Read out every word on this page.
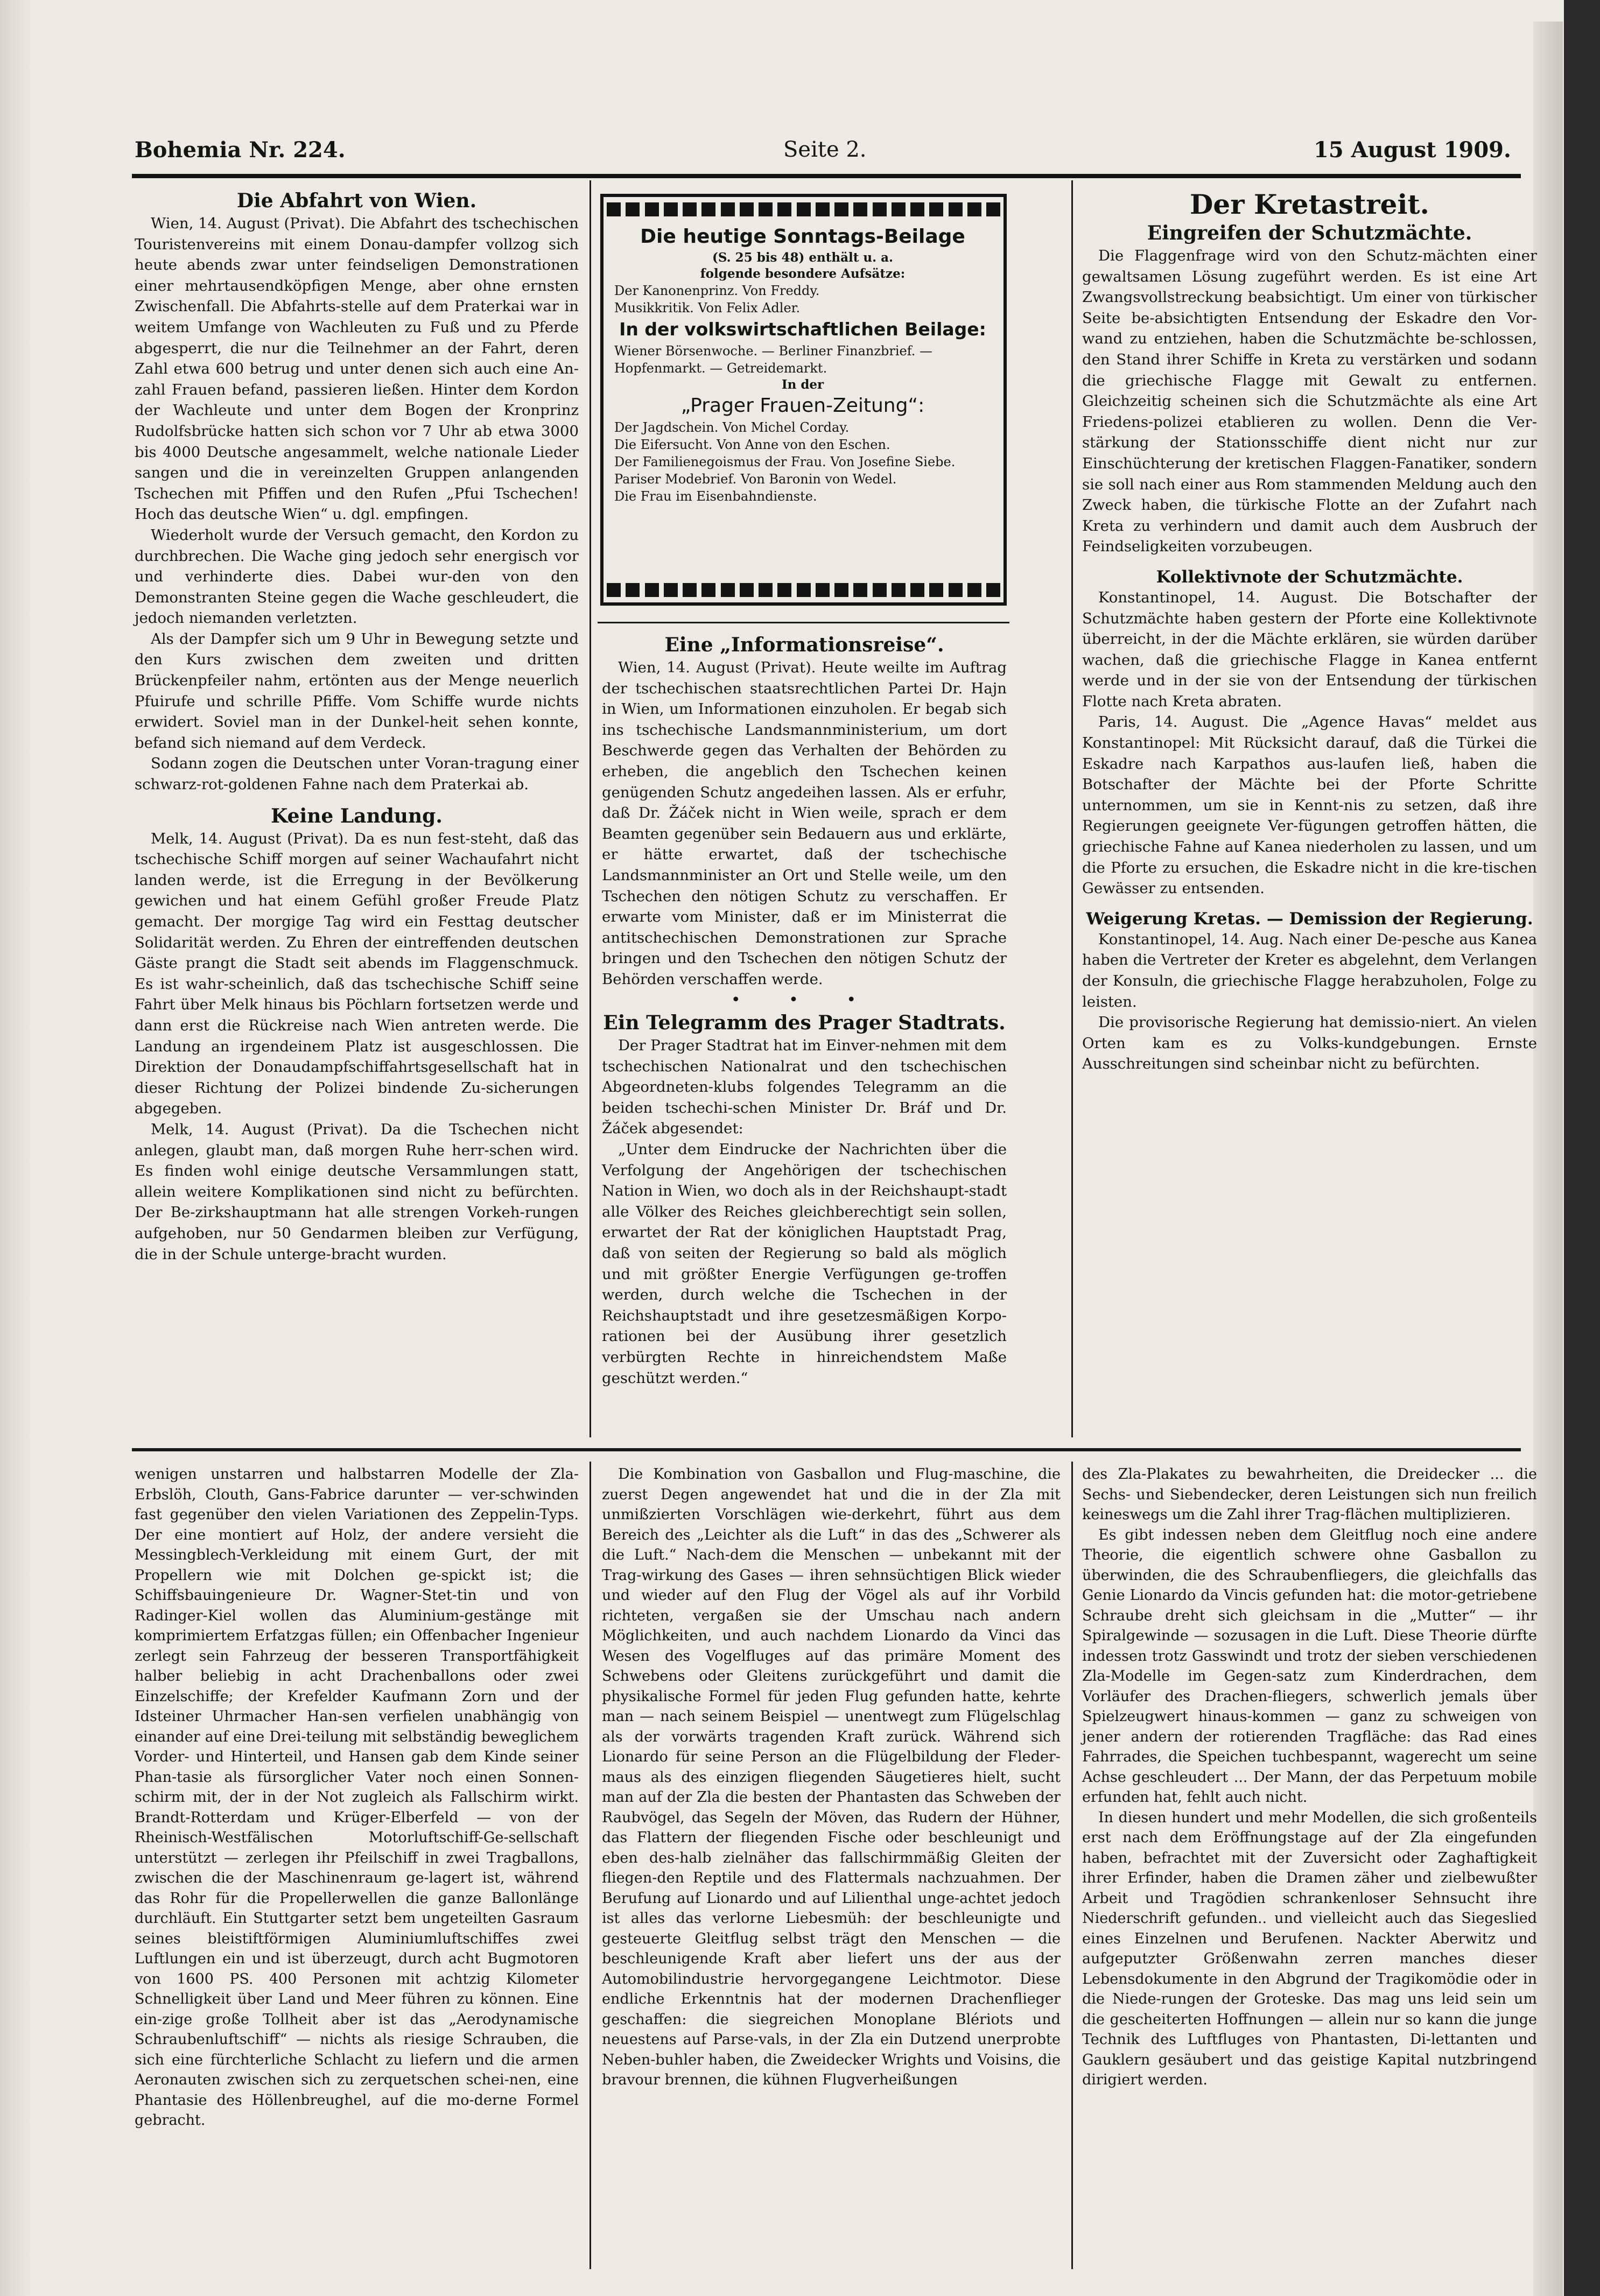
Bohemia Nr. 224.	Seite 2.	15 August 1909.
Die Abfahrt von Wien.

Wien, 14. August (Privat). Die Abfahrt des tschechischen Touristenvereins mit einem Donau-dampfer vollzog sich heute abends zwar unter feindseligen Demonstrationen einer mehrtausendköpfigen Menge, aber ohne ernsten Zwischenfall. Die Abfahrts-stelle auf dem Praterkai war in weitem Umfange von Wachleuten zu Fuß und zu Pferde abgesperrt, die nur die Teilnehmer an der Fahrt, deren Zahl etwa 600 betrug und unter denen sich auch eine An-zahl Frauen befand, passieren ließen. Hinter dem Kordon der Wachleute und unter dem Bogen der Kronprinz Rudolfsbrücke hatten sich schon vor 7 Uhr ab etwa 3000 bis 4000 Deutsche angesammelt, welche nationale Lieder sangen und die in vereinzelten Gruppen anlangenden Tschechen mit Pfiffen und den Rufen „Pfui Tschechen! Hoch das deutsche Wien“ u. dgl. empfingen.

Wiederholt wurde der Versuch gemacht, den Kordon zu durchbrechen. Die Wache ging jedoch sehr energisch vor und verhinderte dies. Dabei wur-den von den Demonstranten Steine gegen die Wache geschleudert, die jedoch niemanden verletzten.

Als der Dampfer sich um 9 Uhr in Bewegung setzte und den Kurs zwischen dem zweiten und dritten Brückenpfeiler nahm, ertönten aus der Menge neuerlich Pfuirufe und schrille Pfiffe. Vom Schiffe wurde nichts erwidert. Soviel man in der Dunkel-heit sehen konnte, befand sich niemand auf dem Verdeck.

Sodann zogen die Deutschen unter Voran-tragung einer schwarz-rot-goldenen Fahne nach dem Praterkai ab.

Keine Landung.

Melk, 14. August (Privat). Da es nun fest-steht, daß das tschechische Schiff morgen auf seiner Wachaufahrt nicht landen werde, ist die Erregung in der Bevölkerung gewichen und hat einem Gefühl großer Freude Platz gemacht. Der morgige Tag wird ein Festtag deutscher Solidarität werden. Zu Ehren der eintreffenden deutschen Gäste prangt die Stadt seit abends im Flaggenschmuck. Es ist wahr-scheinlich, daß das tschechische Schiff seine Fahrt über Melk hinaus bis Pöchlarn fortsetzen werde und dann erst die Rückreise nach Wien antreten werde. Die Landung an irgendeinem Platz ist ausgeschlossen. Die Direktion der Donaudampfschiffahrtsgesellschaft hat in dieser Richtung der Polizei bindende Zu-sicherungen abgegeben.

Melk, 14. August (Privat). Da die Tschechen nicht anlegen, glaubt man, daß morgen Ruhe herr-schen wird. Es finden wohl einige deutsche Versammlungen statt, allein weitere Komplikationen sind nicht zu befürchten. Der Be-zirkshauptmann hat alle strengen Vorkeh-rungen aufgehoben, nur 50 Gendarmen bleiben zur Verfügung, die in der Schule unterge-bracht wurden.

Die heutige Sonntags-Beilage
(S. 25 bis 48) enthält u. a.
folgende besondere Aufsätze:
Der Kanonenprinz. Von Freddy.
Musikkritik. Von Felix Adler.
In der volkswirtschaftlichen Beilage:
Wiener Börsenwoche. — Berliner Finanzbrief. — Hopfenmarkt. — Getreidemarkt.
In der
„Prager Frauen-Zeitung“:
Der Jagdschein. Von Michel Corday.
Die Eifersucht. Von Anne von den Eschen.
Der Familienegoismus der Frau. Von Josefine Siebe.
Pariser Modebrief. Von Baronin von Wedel.
Die Frau im Eisenbahndienste.
Eine „Informationsreise“.

Wien, 14. August (Privat). Heute weilte im Auftrag der tschechischen staatsrechtlichen Partei Dr. Hajn in Wien, um Informationen einzuholen. Er begab sich ins tschechische Landsmannministerium, um dort Beschwerde gegen das Verhalten der Behörden zu erheben, die angeblich den Tschechen keinen genügenden Schutz angedeihen lassen. Als er erfuhr, daß Dr. Žáček nicht in Wien weile, sprach er dem Beamten gegenüber sein Bedauern aus und erklärte, er hätte erwartet, daß der tschechische Landsmannminister an Ort und Stelle weile, um den Tschechen den nötigen Schutz zu verschaffen. Er erwarte vom Minister, daß er im Ministerrat die antitschechischen Demonstrationen zur Sprache bringen und den Tschechen den nötigen Schutz der Behörden verschaffen werde.

• • •
Ein Telegramm des Prager Stadtrats.

Der Prager Stadtrat hat im Einver-nehmen mit dem tschechischen Nationalrat und den tschechischen Abgeordneten-klubs folgendes Telegramm an die beiden tschechi-schen Minister Dr. Bráf und Dr. Žáček abgesendet:

„Unter dem Eindrucke der Nachrichten über die Verfolgung der Angehörigen der tschechischen Nation in Wien, wo doch als in der Reichshaupt-stadt alle Völker des Reiches gleichberechtigt sein sollen, erwartet der Rat der königlichen Hauptstadt Prag, daß von seiten der Regierung so bald als möglich und mit größter Energie Verfügungen ge-troffen werden, durch welche die Tschechen in der Reichshauptstadt und ihre gesetzesmäßigen Korpo-rationen bei der Ausübung ihrer gesetzlich verbürgten Rechte in hinreichendstem Maße geschützt werden.“

Der Kretastreit.
Eingreifen der Schutzmächte.

Die Flaggenfrage wird von den Schutz-mächten einer gewaltsamen Lösung zugeführt werden. Es ist eine Art Zwangsvollstreckung beabsichtigt. Um einer von türkischer Seite be-absichtigten Entsendung der Eskadre den Vor-wand zu entziehen, haben die Schutzmächte be-schlossen, den Stand ihrer Schiffe in Kreta zu verstärken und sodann die griechische Flagge mit Gewalt zu entfernen. Gleichzeitig scheinen sich die Schutzmächte als eine Art Friedens-polizei etablieren zu wollen. Denn die Ver-stärkung der Stationsschiffe dient nicht nur zur Einschüchterung der kretischen Flaggen-Fanatiker, sondern sie soll nach einer aus Rom stammenden Meldung auch den Zweck haben, die türkische Flotte an der Zufahrt nach Kreta zu verhindern und damit auch dem Ausbruch der Feindseligkeiten vorzubeugen.

Kollektivnote der Schutzmächte.

Konstantinopel, 14. August. Die Botschafter der Schutzmächte haben gestern der Pforte eine Kollektivnote überreicht, in der die Mächte erklären, sie würden darüber wachen, daß die griechische Flagge in Kanea entfernt werde und in der sie von der Entsendung der türkischen Flotte nach Kreta abraten.

Paris, 14. August. Die „Agence Havas“ meldet aus Konstantinopel: Mit Rücksicht darauf, daß die Türkei die Eskadre nach Karpathos aus-laufen ließ, haben die Botschafter der Mächte bei der Pforte Schritte unternommen, um sie in Kennt-nis zu setzen, daß ihre Regierungen geeignete Ver-fügungen getroffen hätten, die griechische Fahne auf Kanea niederholen zu lassen, und um die Pforte zu ersuchen, die Eskadre nicht in die kre-tischen Gewässer zu entsenden.

Weigerung Kretas. — Demission der Regierung.

Konstantinopel, 14. Aug. Nach einer De-pesche aus Kanea haben die Vertreter der Kreter es abgelehnt, dem Verlangen der Konsuln, die griechische Flagge herabzuholen, Folge zu leisten.

Die provisorische Regierung hat demissio-niert. An vielen Orten kam es zu Volks-kundgebungen. Ernste Ausschreitungen sind scheinbar nicht zu befürchten.

wenigen unstarren und halbstarren Modelle der Zla-Erbslöh, Clouth, Gans-Fabrice darunter — ver-schwinden fast gegenüber den vielen Variationen des Zeppelin-Typs. Der eine montiert auf Holz, der andere versieht die Messingblech-Verkleidung mit einem Gurt, der mit Propellern wie mit Dolchen ge-spickt ist; die Schiffsbauingenieure Dr. Wagner-Stet-tin und von Radinger-Kiel wollen das Aluminium-gestänge mit komprimiertem Erfatzgas füllen; ein Offenbacher Ingenieur zerlegt sein Fahrzeug der besseren Transportfähigkeit halber beliebig in acht Drachenballons oder zwei Einzelschiffe; der Krefelder Kaufmann Zorn und der Idsteiner Uhrmacher Han-sen verfielen unabhängig von einander auf eine Drei-teilung mit selbständig beweglichem Vorder- und Hinterteil, und Hansen gab dem Kinde seiner Phan-tasie als fürsorglicher Vater noch einen Sonnen-schirm mit, der in der Not zugleich als Fallschirm wirkt. Brandt-Rotterdam und Krüger-Elberfeld — von der Rheinisch-Westfälischen Motorluftschiff-Ge-sellschaft unterstützt — zerlegen ihr Pfeilschiff in zwei Tragballons, zwischen die der Maschinenraum ge-lagert ist, während das Rohr für die Propellerwellen die ganze Ballonlänge durchläuft. Ein Stuttgarter setzt bem ungeteilten Gasraum seines bleistiftförmigen Aluminiumluftschiffes zwei Luftlungen ein und ist überzeugt, durch acht Bugmotoren von 1600 PS. 400 Personen mit achtzig Kilometer Schnelligkeit über Land und Meer führen zu können. Eine ein-zige große Tollheit aber ist das „Aerodynamische Schraubenluftschiff“ — nichts als riesige Schrauben, die sich eine fürchterliche Schlacht zu liefern und die armen Aeronauten zwischen sich zu zerquetschen schei-nen, eine Phantasie des Höllenbreughel, auf die mo-derne Formel gebracht.

Die Kombination von Gasballon und Flug-maschine, die zuerst Degen angewendet hat und die in der Zla mit unmißzierten Vorschlägen wie-derkehrt, führt aus dem Bereich des „Leichter als die Luft“ in das des „Schwerer als die Luft.“ Nach-dem die Menschen — unbekannt mit der Trag-wirkung des Gases — ihren sehnsüchtigen Blick wieder und wieder auf den Flug der Vögel als auf ihr Vorbild richteten, vergaßen sie der Umschau nach andern Möglichkeiten, und auch nachdem Lionardo da Vinci das Wesen des Vogelfluges auf das primäre Moment des Schwebens oder Gleitens zurückgeführt und damit die physikalische Formel für jeden Flug gefunden hatte, kehrte man — nach seinem Beispiel — unentwegt zum Flügelschlag als der vorwärts tragenden Kraft zurück. Während sich Lionardo für seine Person an die Flügelbildung der Fleder-maus als des einzigen fliegenden Säugetieres hielt, sucht man auf der Zla die besten der Phantasten das Schweben der Raubvögel, das Segeln der Möven, das Rudern der Hühner, das Flattern der fliegenden Fische oder beschleunigt und eben des-halb zielnäher das fallschirmmäßig Gleiten der fliegen-den Reptile und des Flattermals nachzuahmen. Der Berufung auf Lionardo und auf Lilienthal unge-achtet jedoch ist alles das verlorne Liebesmüh: der beschleunigte und gesteuerte Gleitflug selbst trägt den Menschen — die beschleunigende Kraft aber liefert uns der aus der Automobilindustrie hervorgegangene Leichtmotor. Diese endliche Erkenntnis hat der modernen Drachenflieger geschaffen: die siegreichen Monoplane Blériots und neuestens auf Parse-vals, in der Zla ein Dutzend unerprobte Neben-buhler haben, die Zweidecker Wrights und Voisins, die bravour brennen, die kühnen Flugverheißungen

des Zla-Plakates zu bewahrheiten, die Dreidecker ... die Sechs- und Siebendecker, deren Leistungen sich nun freilich keineswegs um die Zahl ihrer Trag-flächen multiplizieren.

Es gibt indessen neben dem Gleitflug noch eine andere Theorie, die eigentlich schwere ohne Gasballon zu überwinden, die des Schraubenfliegers, die gleichfalls das Genie Lionardo da Vincis gefunden hat: die motor-getriebene Schraube dreht sich gleichsam in die „Mutter“ — ihr Spiralgewinde — sozusagen in die Luft. Diese Theorie dürfte indessen trotz Gasswindt und trotz der sieben verschiedenen Zla-Modelle im Gegen-satz zum Kinderdrachen, dem Vorläufer des Drachen-fliegers, schwerlich jemals über Spielzeugwert hinaus-kommen — ganz zu schweigen von jener andern der rotierenden Tragfläche: das Rad eines Fahrrades, die Speichen tuchbespannt, wagerecht um seine Achse geschleudert ... Der Mann, der das Perpetuum mobile erfunden hat, fehlt auch nicht.

In diesen hundert und mehr Modellen, die sich großenteils erst nach dem Eröffnungstage auf der Zla eingefunden haben, befrachtet mit der Zuversicht oder Zaghaftigkeit ihrer Erfinder, haben die Dramen zäher und zielbewußter Arbeit und Tragödien schrankenloser Sehnsucht ihre Niederschrift gefunden.. und vielleicht auch das Siegeslied eines Einzelnen und Berufenen. Nackter Aberwitz und aufgeputzter Größenwahn zerren manches dieser Lebensdokumente in den Abgrund der Tragikomödie oder in die Niede-rungen der Groteske. Das mag uns leid sein um die gescheiterten Hoffnungen — allein nur so kann die junge Technik des Luftfluges von Phantasten, Di-lettanten und Gauklern gesäubert und das geistige Kapital nutzbringend dirigiert werden.
